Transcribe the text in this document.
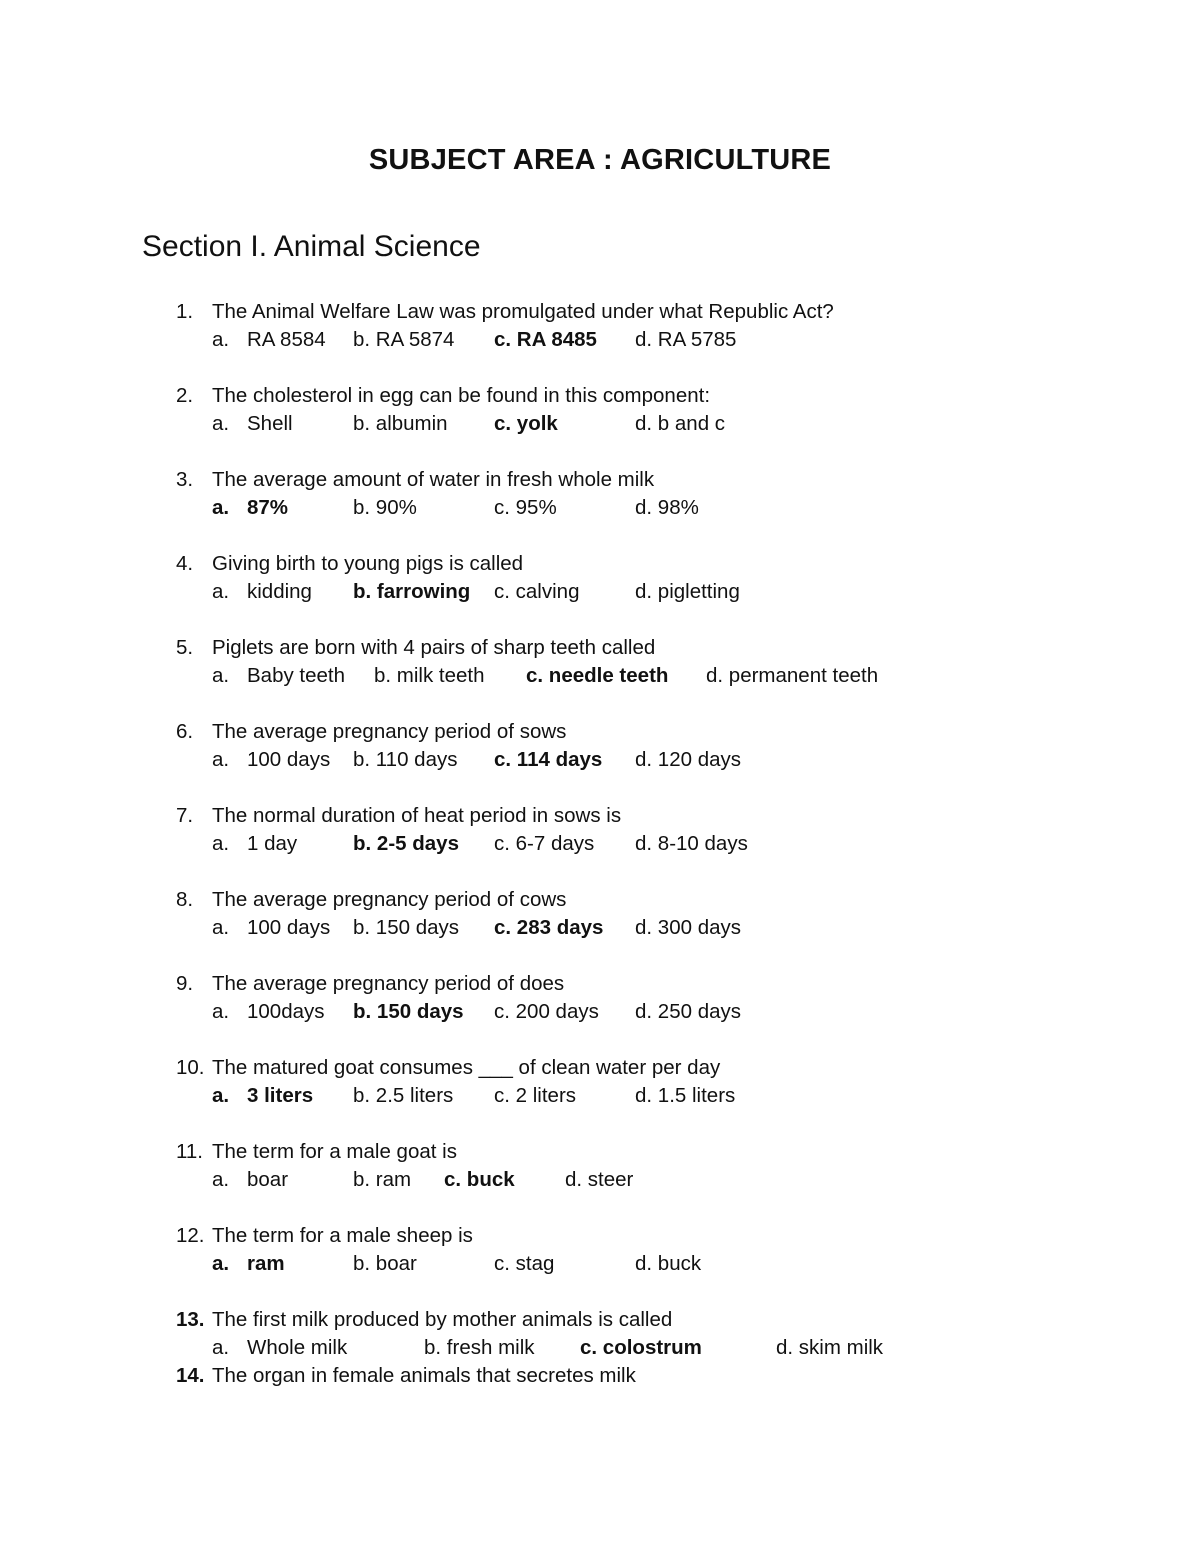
SUBJECT AREA : AGRICULTURE
Section I. Animal Science
1. The Animal Welfare Law was promulgated under what Republic Act?
a. RA 8584 b. RA 5874 c. RA 8485 d. RA 5785
2. The cholesterol in egg can be found in this component:
a. Shell	b. albumin c. yolk	d. b and c
3. The average amount of water in fresh whole milk
a. 87%	b. 90%	c. 95%	d. 98%
4. Giving birth to young pigs is called
a. kidding b. farrowing c. calving	d. pigletting
5. Piglets are born with 4 pairs of sharp teeth called
a. Baby teeth b. milk teeth c. needle teeth d. permanent teeth
6. The average pregnancy period of sows
a. 100 days b. 110 days c. 114 days d. 120 days
7. The normal duration of heat period in sows is
a. 1 day	b. 2-5 days c. 6-7 days d. 8-10 days
8. The average pregnancy period of cows
a. 100 days b. 150 days c. 283 days d. 300 days
9. The average pregnancy period of does
a. 100days b. 150 days c. 200 days d. 250 days
10. The matured goat consumes ___ of clean water per day
a. 3 liters b. 2.5 liters c. 2 liters	d. 1.5 liters
11. The term for a male goat is
a. boar	b. ram c. buck d. steer
12. The term for a male sheep is
a. ram	b. boar	c. stag	d. buck
13. The first milk produced by mother animals is called
a. Whole milk	b. fresh milk c. colostrum	d. skim milk
14. The organ in female animals that secretes milk
